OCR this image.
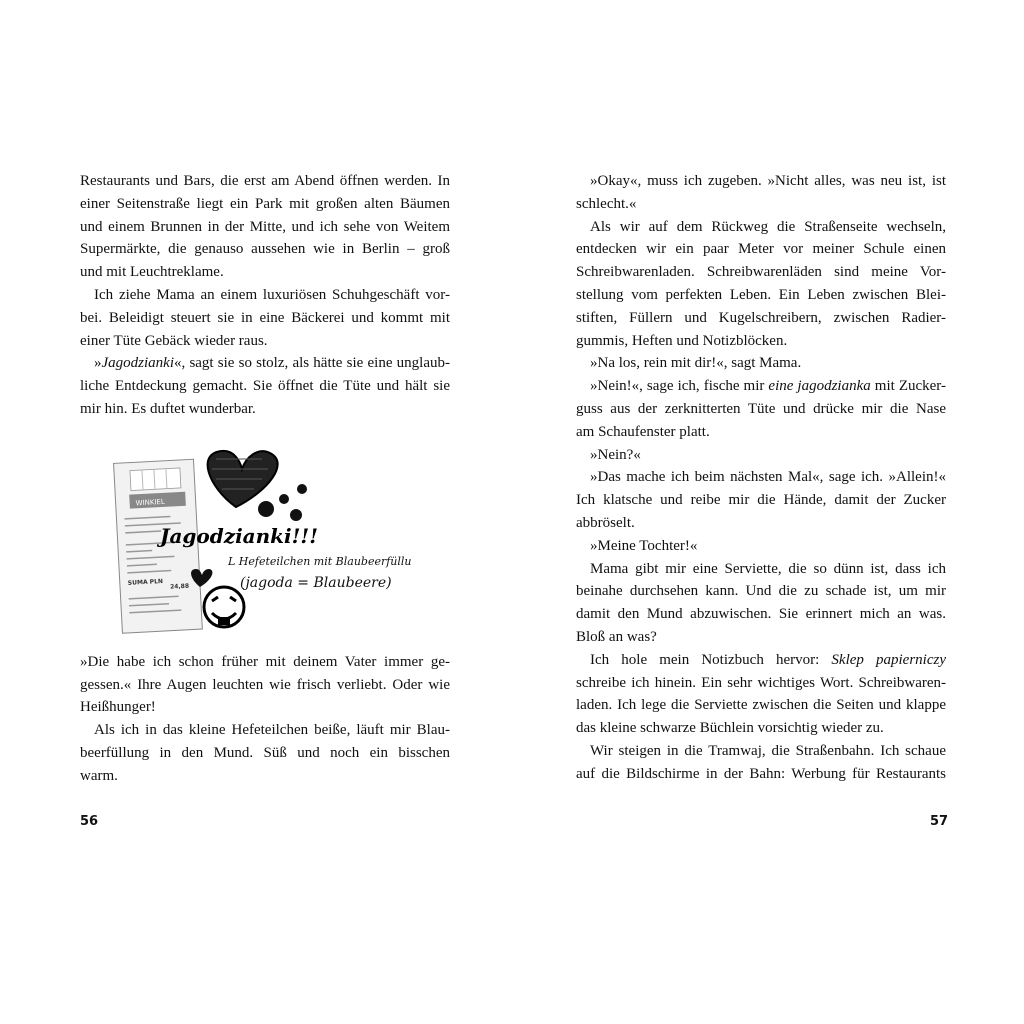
Restaurants und Bars, die erst am Abend öffnen werden. In
einer Seitenstraße liegt ein Park mit großen alten Bäumen
und einem Brunnen in der Mitte, und ich sehe von Weitem
Supermärkte, die genauso aussehen wie in Berlin – groß
und mit Leuchtreklame.
Ich ziehe Mama an einem luxuriösen Schuhgeschäft vor-
bei. Beleidigt steuert sie in eine Bäckerei und kommt mit
einer Tüte Gebäck wieder raus.
»Jagodzianki«, sagt sie so stolz, als hätte sie eine unglaub-
liche Entdeckung gemacht. Sie öffnet die Tüte und hält sie
mir hin. Es duftet wunderbar.
WINKIEL
SUMA PLN 24,88
Jagodzianki!!!
L Hefeteilchen mit Blaubeerfüllung
(jagoda = Blaubeere)
»Die habe ich schon früher mit deinem Vater immer ge-
gessen.« Ihre Augen leuchten wie frisch verliebt. Oder wie
Heißhunger!
Als ich in das kleine Hefeteilchen beiße, läuft mir Blau-
beerfüllung in den Mund. Süß und noch ein bisschen
warm.
»Okay«, muss ich zugeben. »Nicht alles, was neu ist, ist
schlecht.«
Als wir auf dem Rückweg die Straßenseite wechseln,
entdecken wir ein paar Meter vor meiner Schule einen
Schreibwarenladen. Schreibwarenläden sind meine Vor-
stellung vom perfekten Leben. Ein Leben zwischen Blei-
stiften, Füllern und Kugelschreibern, zwischen Radier-
gummis, Heften und Notizblöcken.
»Na los, rein mit dir!«, sagt Mama.
»Nein!«, sage ich, fische mir eine jagodzianka mit Zucker-
guss aus der zerknitterten Tüte und drücke mir die Nase
am Schaufenster platt.
»Nein?«
»Das mache ich beim nächsten Mal«, sage ich. »Allein!«
Ich klatsche und reibe mir die Hände, damit der Zucker
abbröselt.
»Meine Tochter!«
Mama gibt mir eine Serviette, die so dünn ist, dass ich
beinahe durchsehen kann. Und die zu schade ist, um mir
damit den Mund abzuwischen. Sie erinnert mich an was.
Bloß an was?
Ich hole mein Notizbuch hervor: Sklep papierniczy
schreibe ich hinein. Ein sehr wichtiges Wort. Schreibwaren-
laden. Ich lege die Serviette zwischen die Seiten und klappe
das kleine schwarze Büchlein vorsichtig wieder zu.
Wir steigen in die Tramwaj, die Straßenbahn. Ich schaue
auf die Bildschirme in der Bahn: Werbung für Restaurants
56	57
